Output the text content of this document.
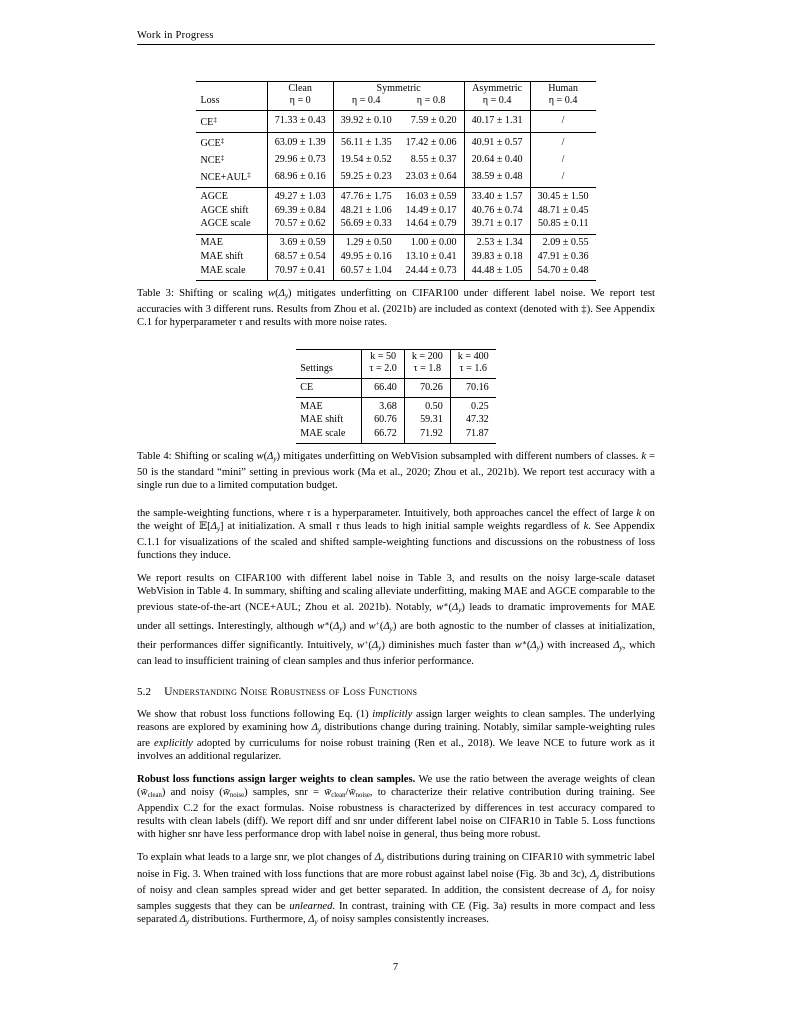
Work in Progress
	Clean	Symmetric		Asymmetric	Human
Loss	η = 0	η = 0.4	η = 0.8	η = 0.4	η = 0.4
CE‡	71.33 ± 0.43	39.92 ± 0.10	7.59 ± 0.20	40.17 ± 1.31	/
GCE‡	63.09 ± 1.39	56.11 ± 1.35	17.42 ± 0.06	40.91 ± 0.57	/
NCE‡	29.96 ± 0.73	19.54 ± 0.52	8.55 ± 0.37	20.64 ± 0.40	/
NCE+AUL‡	68.96 ± 0.16	59.25 ± 0.23	23.03 ± 0.64	38.59 ± 0.48	/
AGCE	49.27 ± 1.03	47.76 ± 1.75	16.03 ± 0.59	33.40 ± 1.57	30.45 ± 1.50
AGCE shift	69.39 ± 0.84	48.21 ± 1.06	14.49 ± 0.17	40.76 ± 0.74	48.71 ± 0.45
AGCE scale	70.57 ± 0.62	56.69 ± 0.33	14.64 ± 0.79	39.71 ± 0.17	50.85 ± 0.11
MAE	3.69 ± 0.59	1.29 ± 0.50	1.00 ± 0.00	2.53 ± 1.34	2.09 ± 0.55
MAE shift	68.57 ± 0.54	49.95 ± 0.16	13.10 ± 0.41	39.83 ± 0.18	47.91 ± 0.36
MAE scale	70.97 ± 0.41	60.57 ± 1.04	24.44 ± 0.73	44.48 ± 1.05	54.70 ± 0.48

Table 3: Shifting or scaling $w(\Delta_y)$ mitigates underfitting on CIFAR100 under different label noise. We report test accuracies with 3 different runs. Results from Zhou et al. (2021b) are included as context (denoted with ‡). See Appendix C.1 for hyperparameter τ and results with more noise rates.

	k = 50	k = 200	k = 400
Settings	τ = 2.0	τ = 1.8	τ = 1.6
CE	66.40	70.26	70.16
MAE	3.68	0.50	0.25
MAE shift	60.76	59.31	47.32
MAE scale	66.72	71.92	71.87

Table 4: Shifting or scaling $w(\Delta_y)$ mitigates underfitting on WebVision subsampled with different numbers of classes. k = 50 is the standard “mini” setting in previous work (Ma et al., 2020; Zhou et al., 2021b). We report test accuracy with a single run due to a limited computation budget.

the sample-weighting functions, where τ is a hyperparameter. Intuitively, both approaches cancel the effect of large k on the weight of $𝔼[\Delta_y]$ at initialization. A small τ thus leads to high initial sample weights regardless of k. See Appendix C.1.1 for visualizations of the scaled and shifted sample-weighting functions and discussions on the robustness of loss functions they induce.

We report results on CIFAR100 with different label noise in Table 3, and results on the noisy large-scale dataset WebVision in Table 4. In summary, shifting and scaling alleviate underfitting, making MAE and AGCE comparable to the previous state-of-the-art (NCE+AUL; Zhou et al. 2021b). Notably, $w^∗(\Delta_y)$ leads to dramatic improvements for MAE under all settings. Interestingly, although $w^∗(\Delta_y)$ and $w^+(\Delta_y)$ are both agnostic to the number of classes at initialization, their performances differ significantly. Intuitively, $w^+(\Delta_y)$ diminishes much faster than $w^∗(\Delta_y)$ with increased $\Delta_y$, which can lead to insufficient training of clean samples and thus inferior performance.

5.2 Understanding Noise Robustness of Loss Functions

We show that robust loss functions following Eq. (1) implicitly assign larger weights to clean samples. The underlying reasons are explored by examining how $\Delta_y$ distributions change during training. Notably, similar sample-weighting rules are explicitly adopted by curriculums for noise robust training (Ren et al., 2018). We leave NCE to future work as it involves an additional regularizer.

Robust loss functions assign larger weights to clean samples. We use the ratio between the average weights of clean (w̄clean) and noisy (w̄noise) samples, snr = w̄clean/w̄noise, to characterize their relative contribution during training. See Appendix C.2 for the exact formulas. Noise robustness is characterized by differences in test accuracy compared to results with clean labels (diff). We report diff and snr under different label noise on CIFAR10 in Table 5. Loss functions with higher snr have less performance drop with label noise in general, thus being more robust.

To explain what leads to a large snr, we plot changes of $\Delta_y$ distributions during training on CIFAR10 with symmetric label noise in Fig. 3. When trained with loss functions that are more robust against label noise (Fig. 3b and 3c), $\Delta_y$ distributions of noisy and clean samples spread wider and get better separated. In addition, the consistent decrease of $\Delta_y$ for noisy samples suggests that they can be unlearned. In contrast, training with CE (Fig. 3a) results in more compact and less separated $\Delta_y$ distributions. Furthermore, $\Delta_y$ of noisy samples consistently increases.

7
